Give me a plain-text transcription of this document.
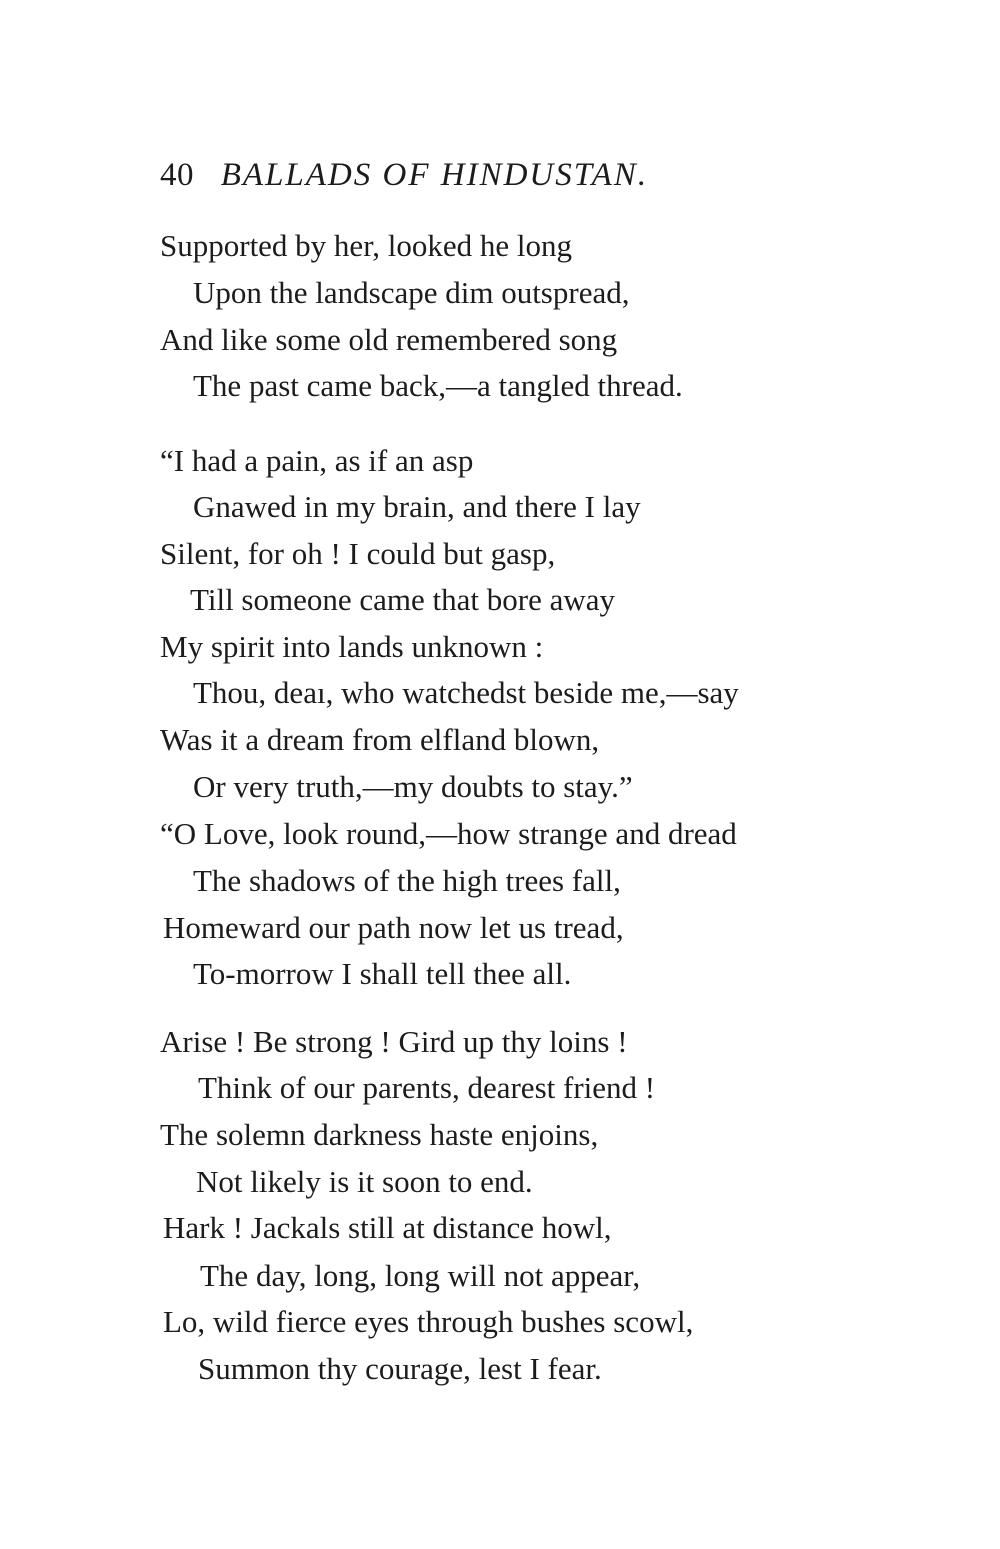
40 BALLADS OF HINDUSTAN.
Supported by her, looked he long
Upon the landscape dim outspread,
And like some old remembered song
The past came back,—a tangled thread.
“I had a pain, as if an asp
Gnawed in my brain, and there I lay
Silent, for oh ! I could but gasp,
Till someone came that bore away
My spirit into lands unknown :
Thou, deaı, who watchedst beside me,—say
Was it a dream from elfland blown,
Or very truth,—my doubts to stay.”
“O Love, look round,—how strange and dread
The shadows of the high trees fall,
Homeward our path now let us tread,
To-morrow I shall tell thee all.
Arise ! Be strong ! Gird up thy loins !
Think of our parents, dearest friend !
The solemn darkness haste enjoins,
Not likely is it soon to end.
Hark ! Jackals still at distance howl,
The day, long, long will not appear,
Lo, wild fierce eyes through bushes scowl,
Summon thy courage, lest I fear.
